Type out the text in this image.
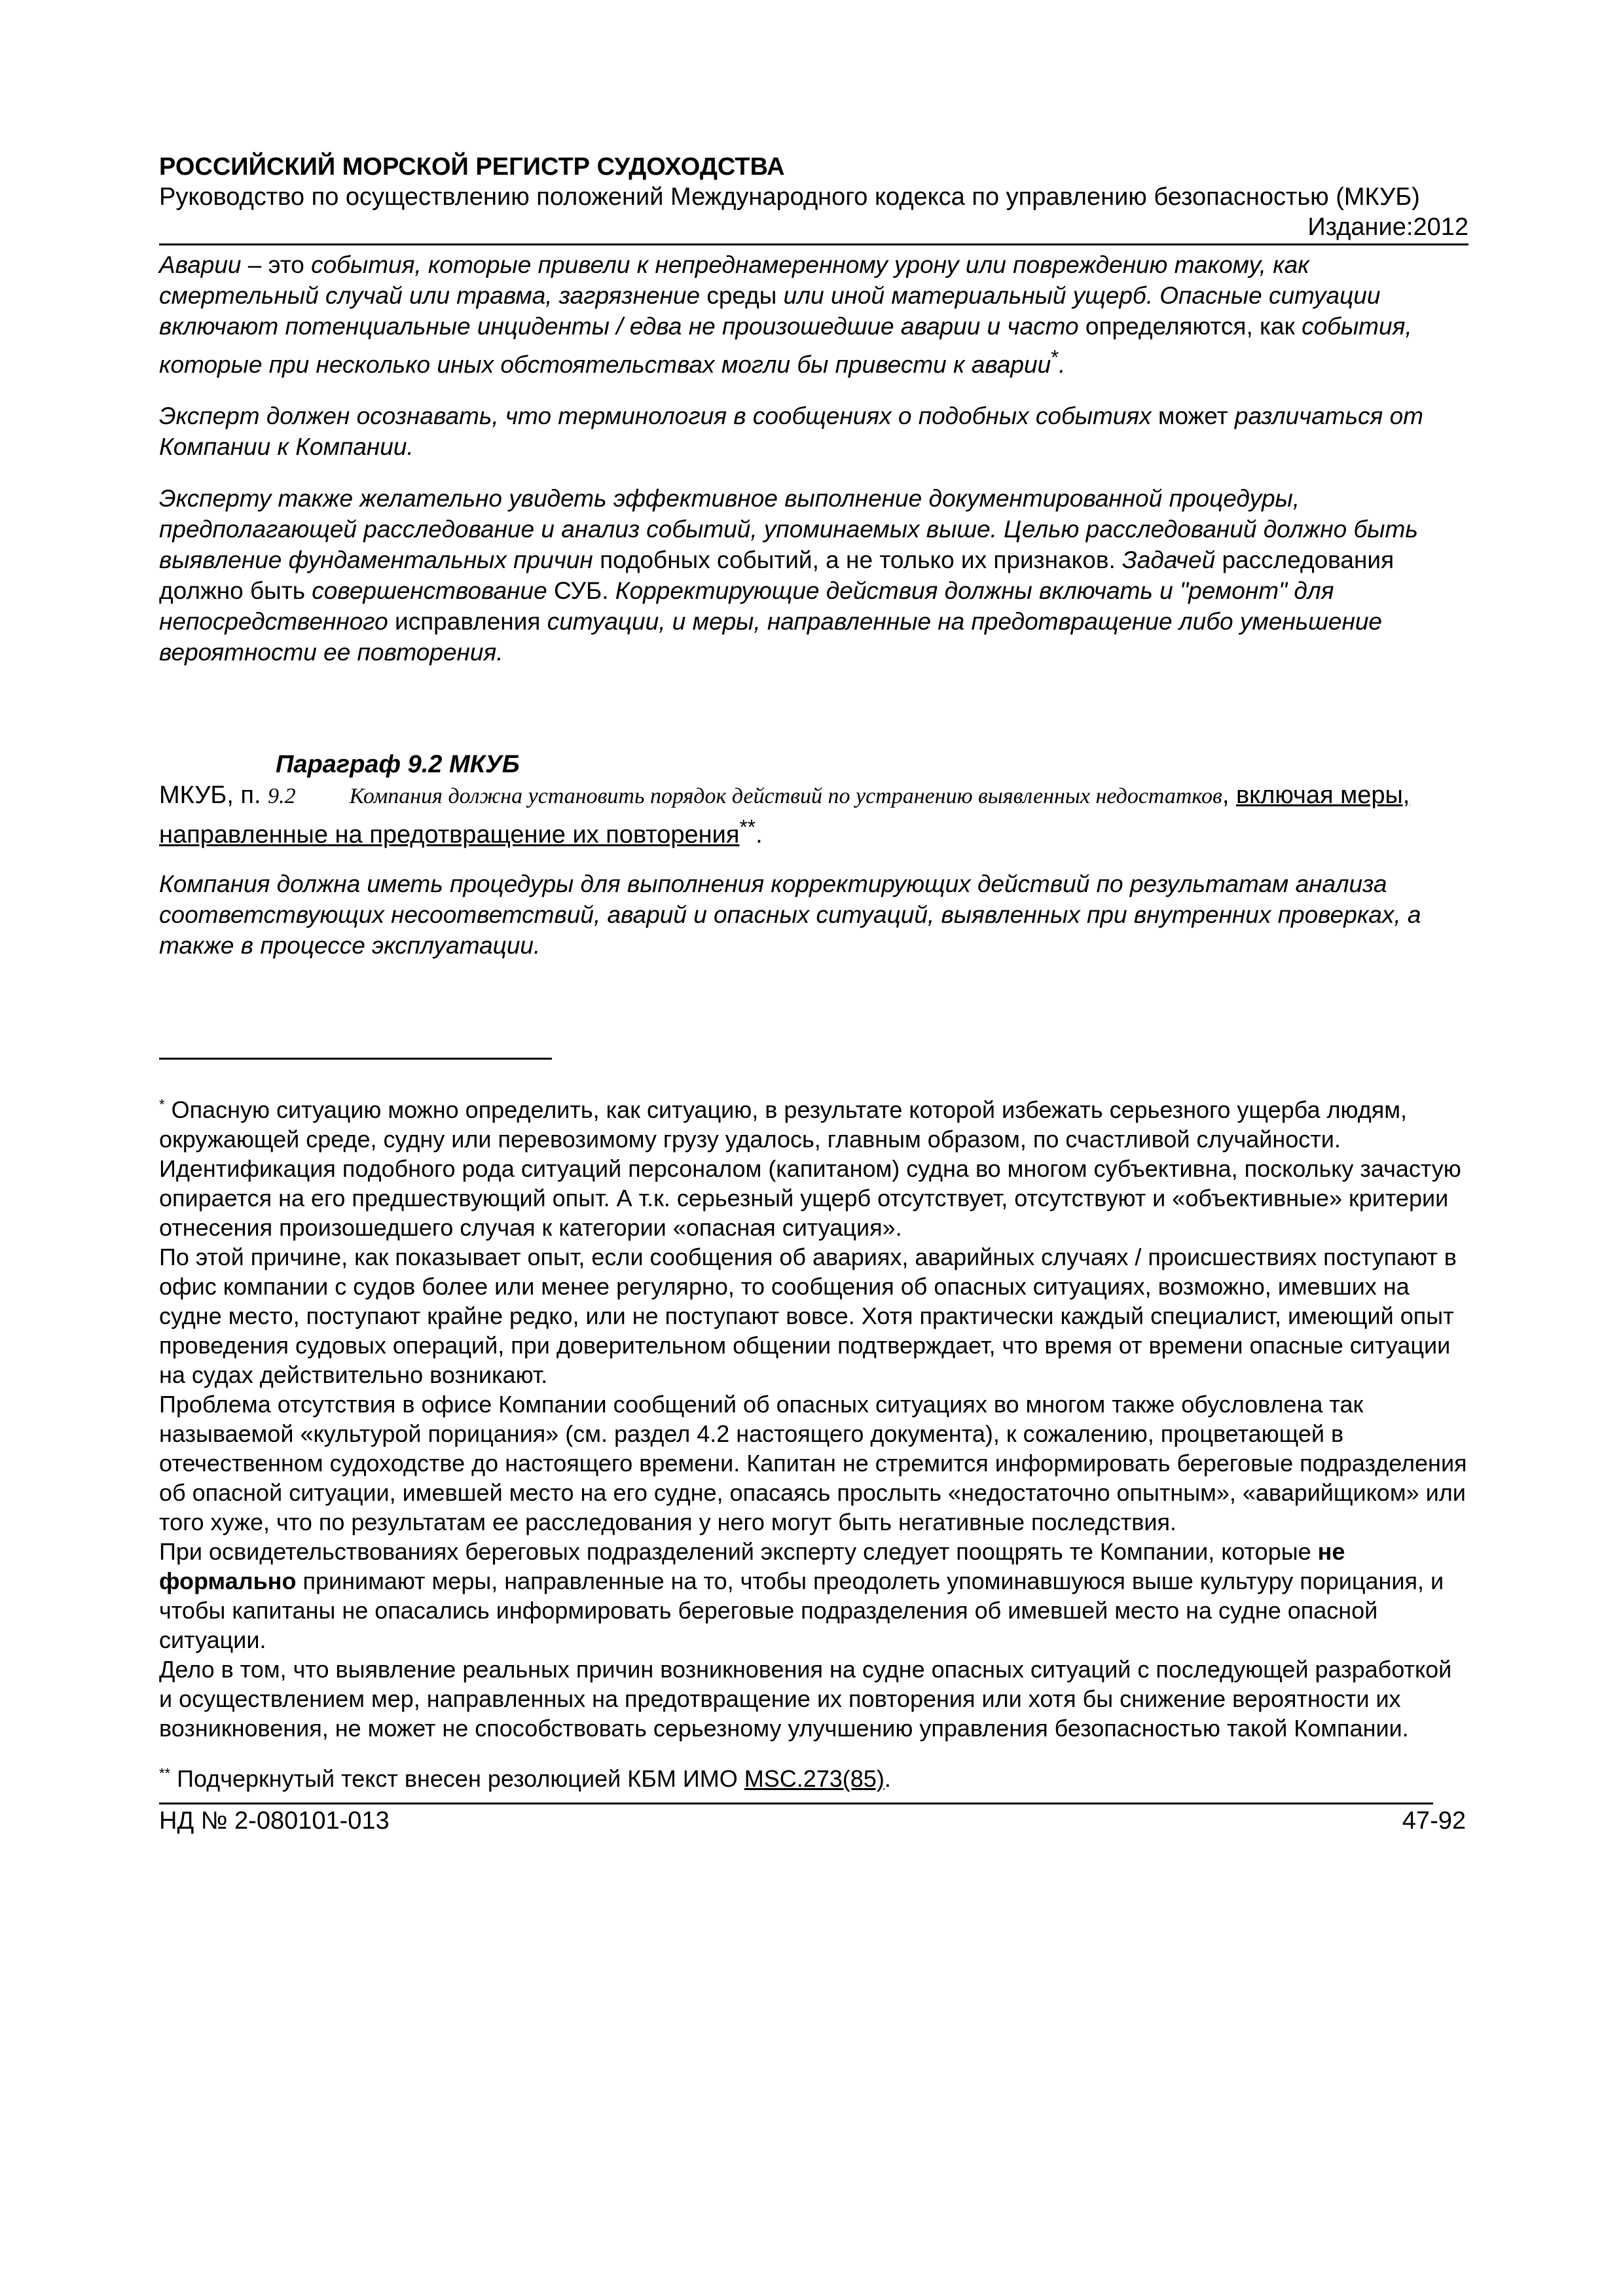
РОССИЙСКИЙ МОРСКОЙ РЕГИСТР СУДОХОДСТВА

Руководство по осуществлению положений Международного кодекса по управлению безопасностью (МКУБ)

Издание:2012

Аварии – это события, которые привели к непреднамеренному урону или повреждению такому, как смертельный случай или травма, загрязнение среды или иной материальный ущерб. Опасные ситуации включают потенциальные инциденты / едва не произошедшие аварии и часто определяются, как события, которые при несколько иных обстоятельствах могли бы привести к аварии*.

Эксперт должен осознавать, что терминология в сообщениях о подобных событиях может различаться от Компании к Компании.

Эксперту также желательно увидеть эффективное выполнение документированной процедуры, предполагающей расследование и анализ событий, упоминаемых выше. Целью расследований должно быть выявление фундаментальных причин подобных событий, а не только их признаков. Задачей расследования должно быть совершенствование СУБ. Корректирующие действия должны включать и "ремонт" для непосредственного исправления ситуации, и меры, направленные на предотвращение либо уменьшение вероятности ее повторения.

Параграф 9.2 МКУБ

МКУБ, п. 9.2 Компания должна установить порядок действий по устранению выявленных недостатков, включая меры, направленные на предотвращение их повторения**.

Компания должна иметь процедуры для выполнения корректирующих действий по результатам анализа соответствующих несоответствий, аварий и опасных ситуаций, выявленных при внутренних проверках, а также в процессе эксплуатации.

* Опасную ситуацию можно определить, как ситуацию, в результате которой избежать серьезного ущерба людям, окружающей среде, судну или перевозимому грузу удалось, главным образом, по счастливой случайности.

Идентификация подобного рода ситуаций персоналом (капитаном) судна во многом субъективна, поскольку зачастую опирается на его предшествующий опыт. А т.к. серьезный ущерб отсутствует, отсутствуют и «объективные» критерии отнесения произошедшего случая к категории «опасная ситуация».

По этой причине, как показывает опыт, если сообщения об авариях, аварийных случаях / происшествиях поступают в офис компании с судов более или менее регулярно, то сообщения об опасных ситуациях, возможно, имевших на судне место, поступают крайне редко, или не поступают вовсе. Хотя практически каждый специалист, имеющий опыт проведения судовых операций, при доверительном общении подтверждает, что время от времени опасные ситуации на судах действительно возникают.

Проблема отсутствия в офисе Компании сообщений об опасных ситуациях во многом также обусловлена так называемой «культурой порицания» (см. раздел 4.2 настоящего документа), к сожалению, процветающей в отечественном судоходстве до настоящего времени. Капитан не стремится информировать береговые подразделения об опасной ситуации, имевшей место на его судне, опасаясь прослыть «недостаточно опытным», «аварийщиком» или того хуже, что по результатам ее расследования у него могут быть негативные последствия.

При освидетельствованиях береговых подразделений эксперту следует поощрять те Компании, которые не формально принимают меры, направленные на то, чтобы преодолеть упоминавшуюся выше культуру порицания, и чтобы капитаны не опасались информировать береговые подразделения об имевшей место на судне опасной ситуации.

Дело в том, что выявление реальных причин возникновения на судне опасных ситуаций с последующей разработкой и осуществлением мер, направленных на предотвращение их повторения или хотя бы снижение вероятности их возникновения, не может не способствовать серьезному улучшению управления безопасностью такой Компании.

** Подчеркнутый текст внесен резолюцией КБМ ИМО MSC.273(85).

НД № 2-080101-013	47-92
